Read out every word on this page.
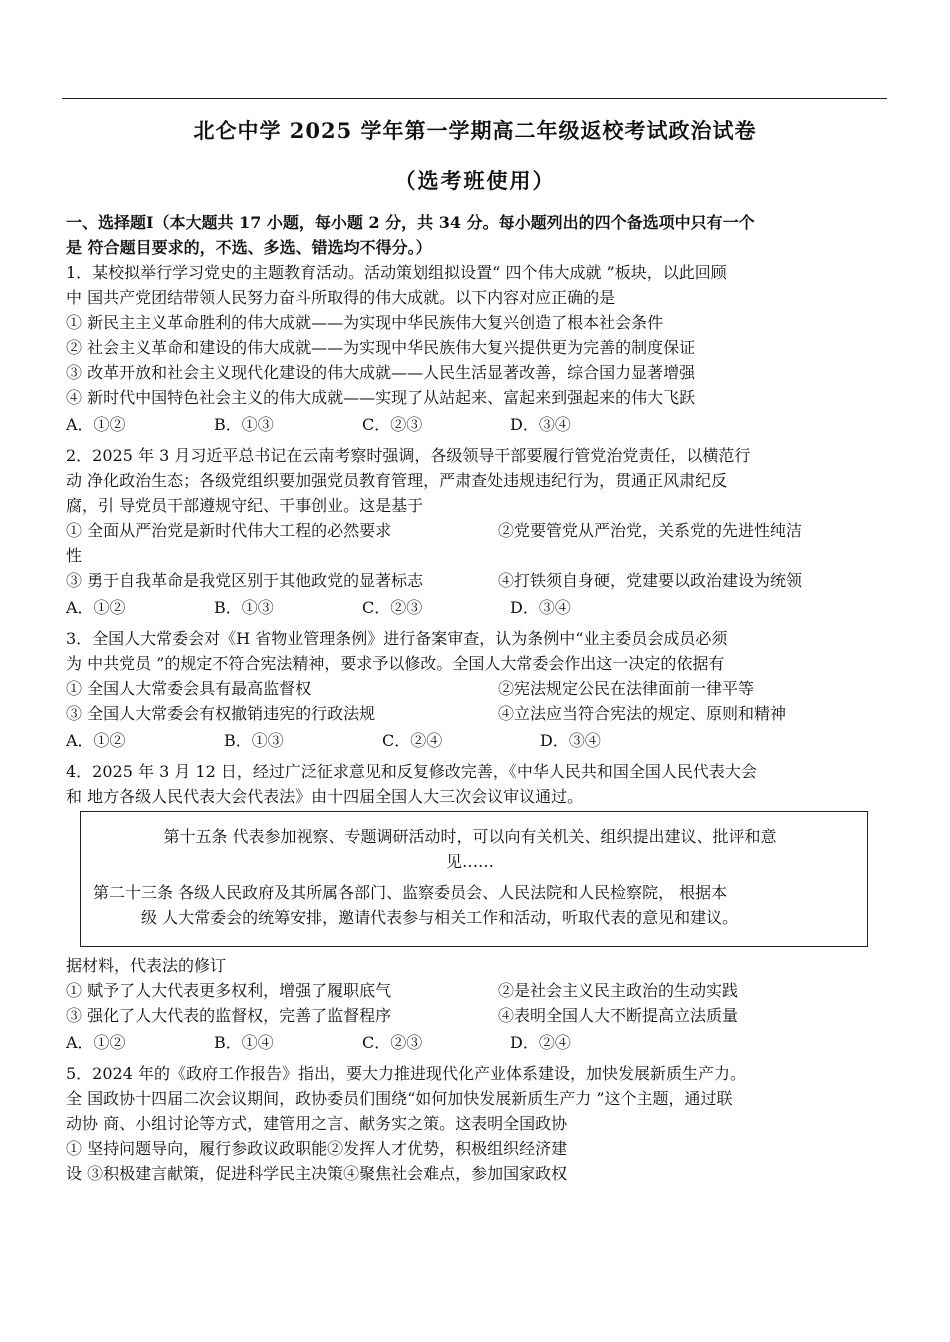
北仑中学 2025 学年第一学期高二年级返校考试政治试卷
（选考班使用）
一、选择题Ⅰ（本大题共 17 小题，每小题 2 分，共 34 分。每小题列出的四个备选项中只有一个
是 符合题目要求的，不选、多选、错选均不得分。）
1．某校拟举行学习党史的主题教育活动。活动策划组拟设置“ 四个伟大成就 ”板块，以此回顾
中 国共产党团结带领人民努力奋斗所取得的伟大成就。以下内容对应正确的是
① 新民主主义革命胜利的伟大成就——为实现中华民族伟大复兴创造了根本社会条件
② 社会主义革命和建设的伟大成就——为实现中华民族伟大复兴提供更为完善的制度保证
③ 改革开放和社会主义现代化建设的伟大成就——人民生活显著改善，综合国力显著增强
④ 新时代中国特色社会主义的伟大成就——实现了从站起来、富起来到强起来的伟大飞跃
A．①②	B．①③	C．②③	D．③④
2．2025 年 3 月习近平总书记在云南考察时强调，各级领导干部要履行管党治党责任，以横范行
动 净化政治生态；各级党组织要加强党员教育管理，严肃查处违规违纪行为，贯通正风肃纪反
腐，引 导党员干部遵规守纪、干事创业。这是基于
① 全面从严治党是新时代伟大工程的必然要求	②党要管党从严治党，关系党的先进性纯洁
性
③ 勇于自我革命是我党区别于其他政党的显著标志	④打铁须自身硬，党建要以政治建设为统领
A．①②	B．①③	C．②③	D．③④
3．全国人大常委会对《H 省物业管理条例》进行备案审查，认为条例中“业主委员会成员必须
为 中共党员 ”的规定不符合宪法精神，要求予以修改。全国人大常委会作出这一决定的依据有
① 全国人大常委会具有最高监督权	②宪法规定公民在法律面前一律平等
③ 全国人大常委会有权撤销违宪的行政法规	④立法应当符合宪法的规定、原则和精神
A．①②	B．①③	C．②④	D．③④
4．2025 年 3 月 12 日，经过广泛征求意见和反复修改完善，《中华人民共和国全国人民代表大会
和 地方各级人民代表大会代表法》由十四届全国人大三次会议审议通过。
第十五条 代表参加视察、专题调研活动时，可以向有关机关、组织提出建议、批评和意
见……
第二十三条 各级人民政府及其所属各部门、监察委员会、人民法院和人民检察院， 根据本
级 人大常委会的统筹安排，邀请代表参与相关工作和活动，听取代表的意见和建议。
据材料，代表法的修订
① 赋予了人大代表更多权利，增强了履职底气	②是社会主义民主政治的生动实践
③ 强化了人大代表的监督权，完善了监督程序	④表明全国人大不断提高立法质量
A．①②	B．①④	C．②③	D．②④
5．2024 年的《政府工作报告》指出，要大力推进现代化产业体系建设，加快发展新质生产力。
全 国政协十四届二次会议期间，政协委员们围绕“如何加快发展新质生产力 ”这个主题，通过联
动协 商、小组讨论等方式，建管用之言、献务实之策。这表明全国政协
① 坚持问题导向，履行参政议政职能②发挥人才优势，积极组织经济建
设 ③积极建言献策，促进科学民主决策④聚焦社会难点，参加国家政权
